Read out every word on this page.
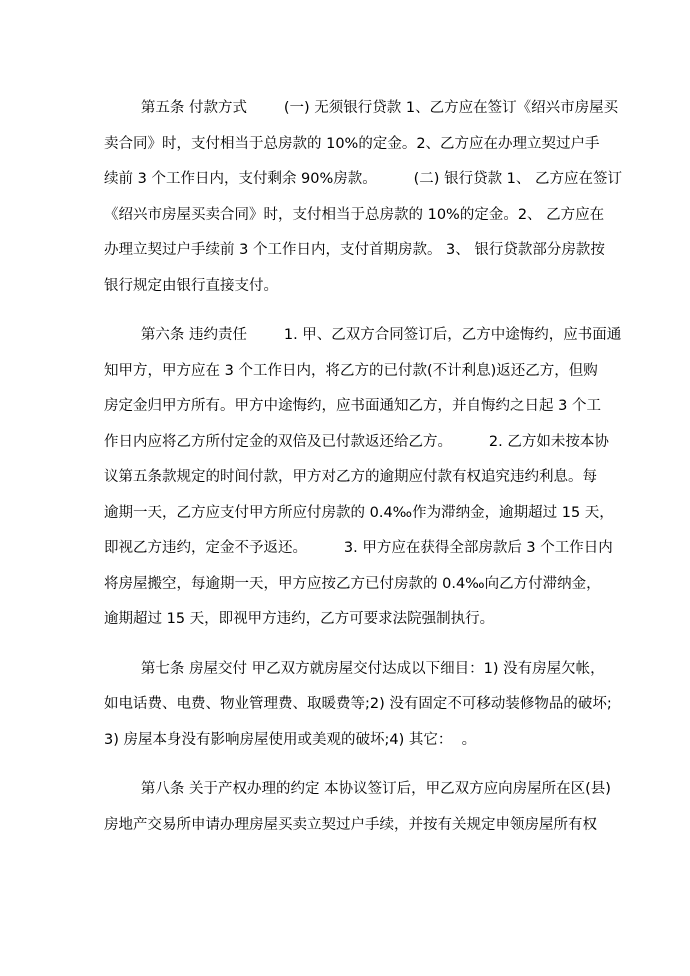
第五条 付款方式        (一) 无须银行贷款 1、乙方应在签订《绍兴市房屋买
卖合同》时，支付相当于总房款的 10%的定金。2、乙方应在办理立契过户手
续前 3 个工作日内，支付剩余 90%房款。        (二) 银行贷款 1、 乙方应在签订
《绍兴市房屋买卖合同》时，支付相当于总房款的 10%的定金。2、 乙方应在
办理立契过户手续前 3 个工作日内，支付首期房款。 3、 银行贷款部分房款按
银行规定由银行直接支付。
第六条 违约责任        1. 甲、乙双方合同签订后，乙方中途悔约，应书面通
知甲方，甲方应在 3 个工作日内，将乙方的已付款(不计利息)返还乙方，但购
房定金归甲方所有。甲方中途悔约，应书面通知乙方，并自悔约之日起 3 个工
作日内应将乙方所付定金的双倍及已付款返还给乙方。        2. 乙方如未按本协
议第五条款规定的时间付款，甲方对乙方的逾期应付款有权追究违约利息。每
逾期一天，乙方应支付甲方所应付房款的 0.4‰作为滞纳金，逾期超过 15 天，
即视乙方违约，定金不予返还。        3. 甲方应在获得全部房款后 3 个工作日内
将房屋搬空，每逾期一天，甲方应按乙方已付房款的 0.4‰向乙方付滞纳金，
逾期超过 15 天，即视甲方违约，乙方可要求法院强制执行。
第七条 房屋交付 甲乙双方就房屋交付达成以下细目：1) 没有房屋欠帐，
如电话费、电费、物业管理费、取暖费等;2) 没有固定不可移动装修物品的破坏;
3) 房屋本身没有影响房屋使用或美观的破坏;4) 其它：  。
第八条 关于产权办理的约定 本协议签订后，甲乙双方应向房屋所在区(县)
房地产交易所申请办理房屋买卖立契过户手续，并按有关规定申领房屋所有权
